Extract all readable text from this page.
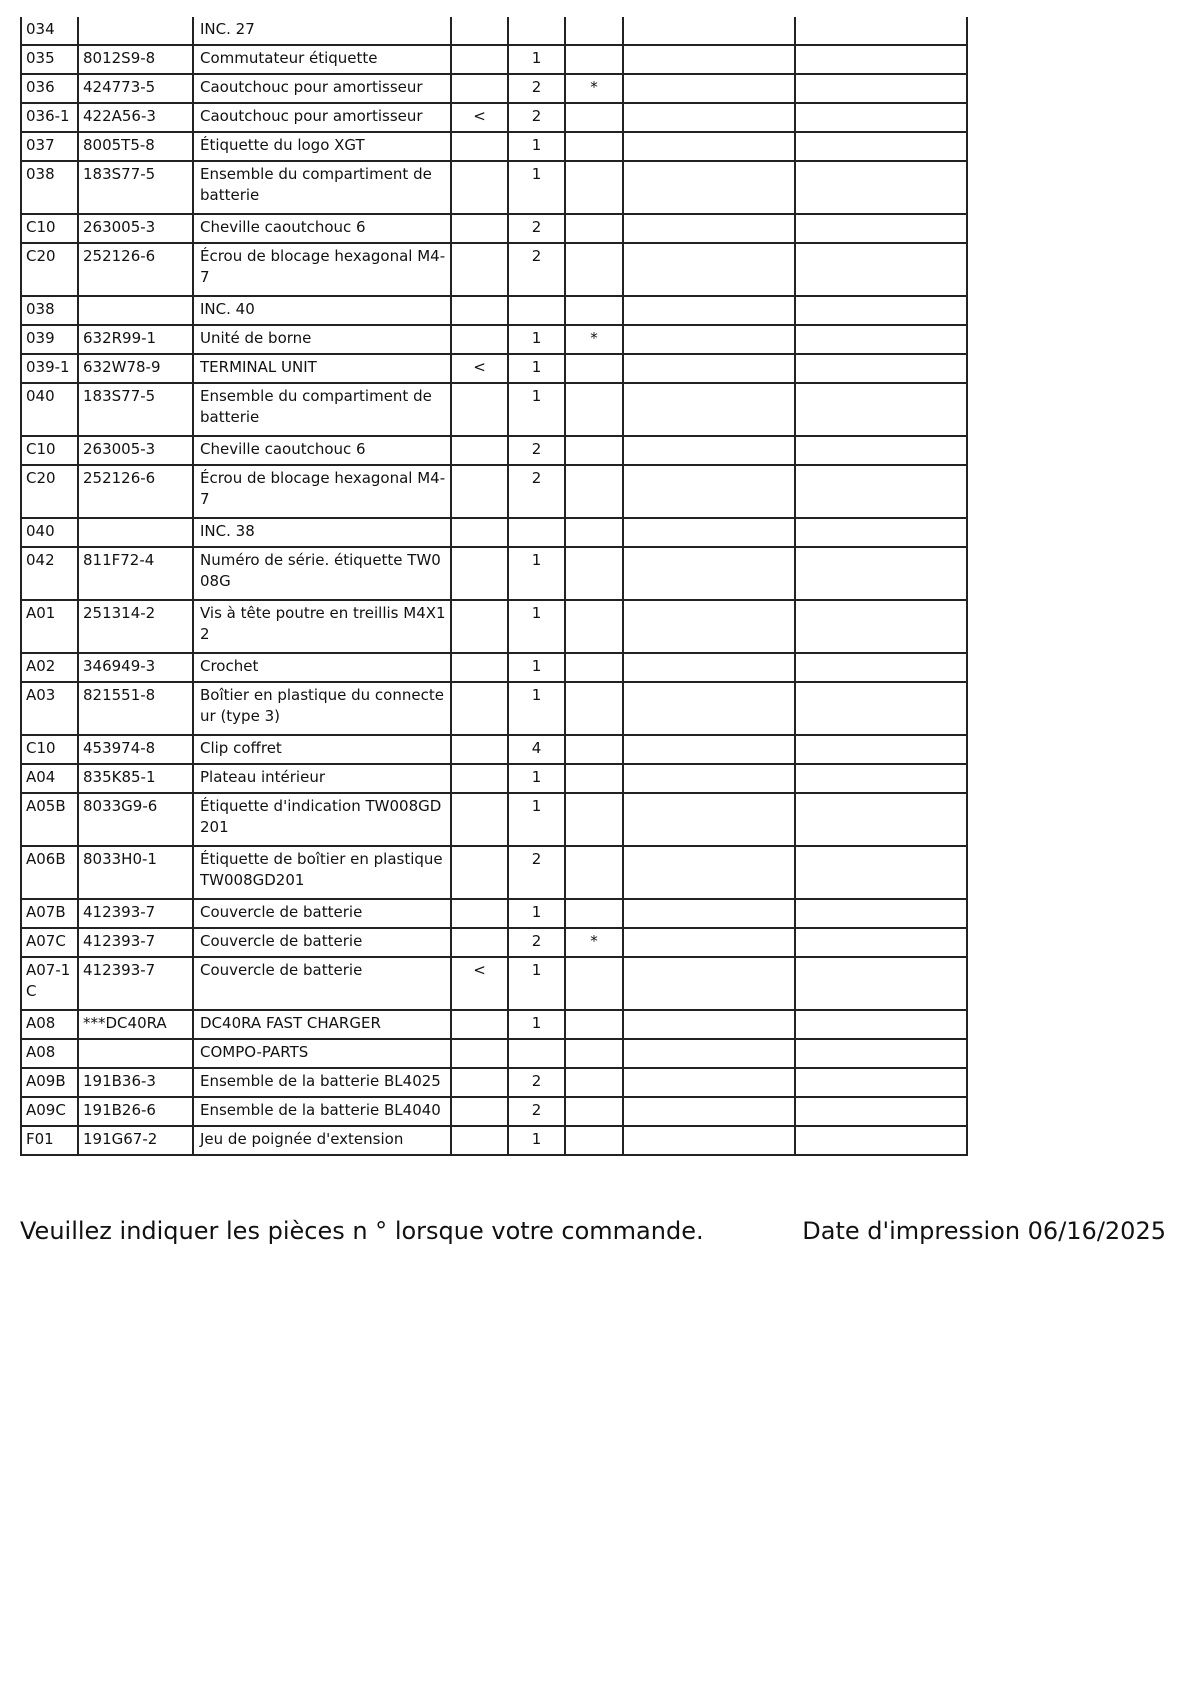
034		INC. 27					
035	8012S9-8	Commutateur étiquette		1			
036	424773-5	Caoutchouc pour amortisseur		2	*		
036-1	422A56-3	Caoutchouc pour amortisseur	<	2			
037	8005T5-8	Étiquette du logo XGT		1			
038	183S77-5	Ensemble du compartiment de batterie		1			
C10	263005-3	Cheville caoutchouc 6		2			
C20	252126-6	Écrou de blocage hexagonal M4-7		2			
038		INC. 40					
039	632R99-1	Unité de borne		1	*		
039-1	632W78-9	TERMINAL UNIT	<	1			
040	183S77-5	Ensemble du compartiment de batterie		1			
C10	263005-3	Cheville caoutchouc 6		2			
C20	252126-6	Écrou de blocage hexagonal M4-7		2			
040		INC. 38					
042	811F72-4	Numéro de série. étiquette TW008G		1			
A01	251314-2	Vis à tête poutre en treillis M4X12		1			
A02	346949-3	Crochet		1			
A03	821551-8	Boîtier en plastique du connecteur (type 3)		1			
C10	453974-8	Clip coffret		4			
A04	835K85-1	Plateau intérieur		1			
A05B	8033G9-6	Étiquette d'indication TW008GD201		1			
A06B	8033H0-1	Étiquette de boîtier en plastique TW008GD201		2			
A07B	412393-7	Couvercle de batterie		1			
A07C	412393-7	Couvercle de batterie		2	*		
A07-1C	412393-7	Couvercle de batterie	<	1			
A08	***DC40RA	DC40RA FAST CHARGER		1			
A08		COMPO-PARTS					
A09B	191B36-3	Ensemble de la batterie BL4025		2			
A09C	191B26-6	Ensemble de la batterie BL4040		2			
F01	191G67-2	Jeu de poignée d'extension		1			
Veuillez indiquer les pièces n ° lorsque votre commande.	Date d'impression 06/16/2025
